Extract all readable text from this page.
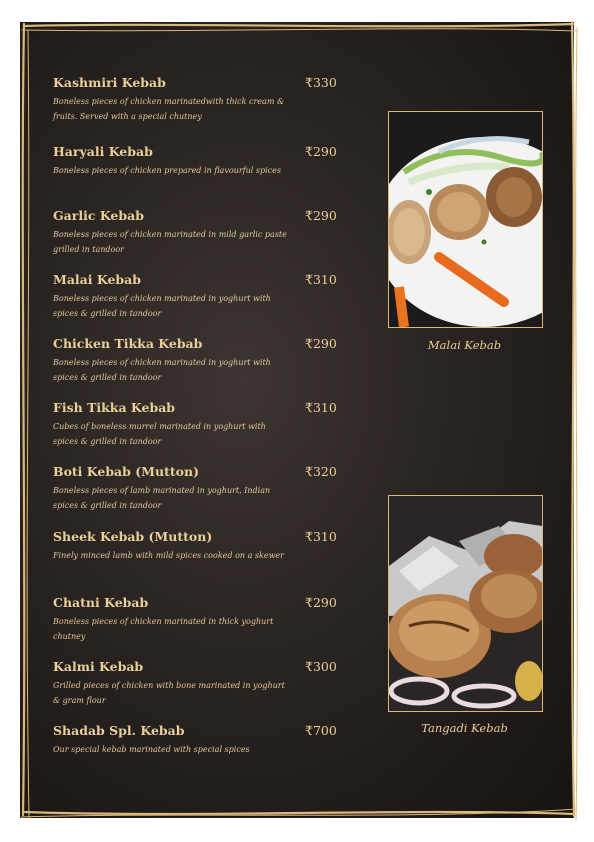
Kashmiri Kebab	₹330
Boneless pieces of chicken marinatedwith thick cream & fruits. Served with a special chutney
Haryali Kebab	₹290
Boneless pieces of chicken prepared in flavourful spices
Garlic Kebab	₹290
Boneless pieces of chicken marinated in mild garlic paste grilled in tandoor
Malai Kebab	₹310
Boneless pieces of chicken marinated in yoghurt with spices & grilled in tandoor
Chicken Tikka Kebab	₹290
Boneless pieces of chicken marinated in yoghurt with spices & grilled in tandoor
Fish Tikka Kebab	₹310
Cubes of boneless murrel marinated in yoghurt with spices & grilled in tandoor
Boti Kebab (Mutton)	₹320
Boneless pieces of lamb marinated in yoghurt, Indian spices & grilled in tandoor
Sheek Kebab (Mutton)	₹310
Finely minced lamb with mild spices cooked on a skewer
Chatni Kebab	₹290
Boneless pieces of chicken marinated in thick yoghurt chutney
Kalmi Kebab	₹300
Grilled pieces of chicken with bone marinated in yoghurt & gram flour
Shadab Spl. Kebab	₹700
Our special kebab marinated with special spices
Malai Kebab
Tangadi Kebab
